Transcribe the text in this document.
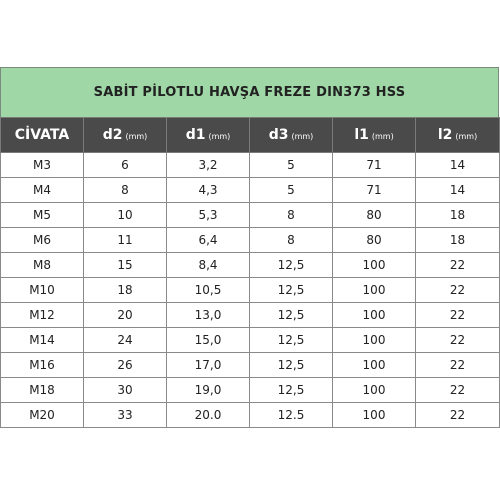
SABİT PİLOTLU HAVŞA FREZE DIN373 HSS
CİVATA	d2 (mm)	d1 (mm)	d3 (mm)	l1 (mm)	l2 (mm)
M3	6	3,2	5	71	14
M4	8	4,3	5	71	14
M5	10	5,3	8	80	18
M6	11	6,4	8	80	18
M8	15	8,4	12,5	100	22
M10	18	10,5	12,5	100	22
M12	20	13,0	12,5	100	22
M14	24	15,0	12,5	100	22
M16	26	17,0	12,5	100	22
M18	30	19,0	12,5	100	22
M20	33	20.0	12.5	100	22
